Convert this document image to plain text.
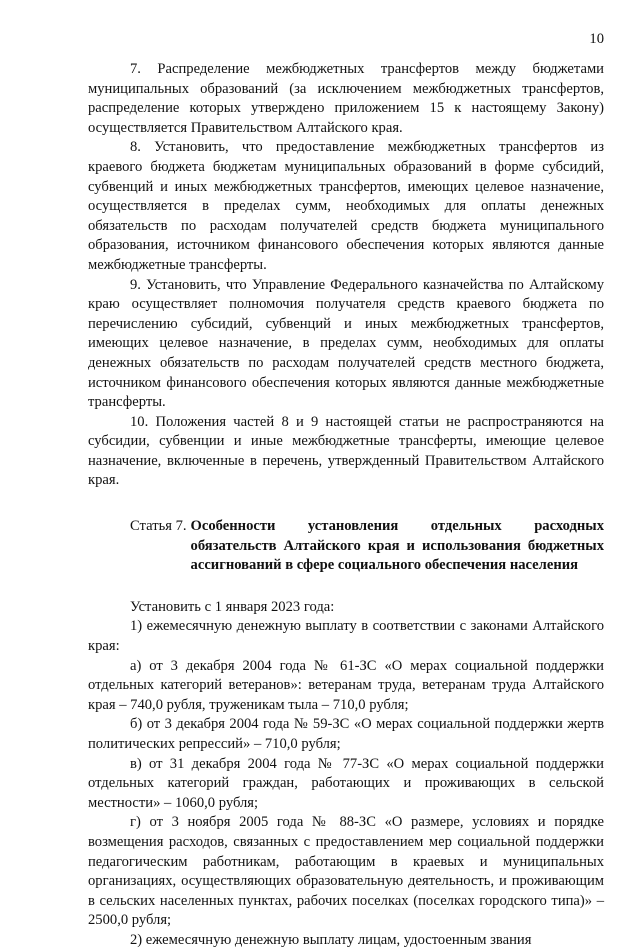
10

7. Распределение межбюджетных трансфертов между бюджетами муниципальных образований (за исключением межбюджетных трансфертов, распределение которых утверждено приложением 15 к настоящему Закону) осуществляется Правительством Алтайского края.

8. Установить, что предоставление межбюджетных трансфертов из краевого бюджета бюджетам муниципальных образований в форме субсидий, субвенций и иных межбюджетных трансфертов, имеющих целевое назначение, осуществляется в пределах сумм, необходимых для оплаты денежных обязательств по расходам получателей средств бюджета муниципального образования, источником финансового обеспечения которых являются данные межбюджетные трансферты.

9. Установить, что Управление Федерального казначейства по Алтайскому краю осуществляет полномочия получателя средств краевого бюджета по перечислению субсидий, субвенций и иных межбюджетных трансфертов, имеющих целевое назначение, в пределах сумм, необходимых для оплаты денежных обязательств по расходам получателей средств местного бюджета, источником финансового обеспечения которых являются данные межбюджетные трансферты.

10. Положения частей 8 и 9 настоящей статьи не распространяются на субсидии, субвенции и иные межбюджетные трансферты, имеющие целевое назначение, включенные в перечень, утвержденный Правительством Алтайского края.

Статья 7. Особенности установления отдельных расходных обязательств Алтайского края и использования бюджетных ассигнований в сфере социального обеспечения населения

Установить с 1 января 2023 года:

1) ежемесячную денежную выплату в соответствии с законами Алтайского края:

а) от 3 декабря 2004 года № 61-ЗС «О мерах социальной поддержки отдельных категорий ветеранов»: ветеранам труда, ветеранам труда Алтайского края – 740,0 рубля, труженикам тыла – 710,0 рубля;

б) от 3 декабря 2004 года № 59-ЗС «О мерах социальной поддержки жертв политических репрессий» – 710,0 рубля;

в) от 31 декабря 2004 года № 77-ЗС «О мерах социальной поддержки отдельных категорий граждан, работающих и проживающих в сельской местности» – 1060,0 рубля;

г) от 3 ноября 2005 года № 88-ЗС «О размере, условиях и порядке возмещения расходов, связанных с предоставлением мер социальной поддержки педагогическим работникам, работающим в краевых и муниципальных организациях, осуществляющих образовательную деятельность, и проживающим в сельских населенных пунктах, рабочих поселках (поселках городского типа)» – 2500,0 рубля;

2) ежемесячную денежную выплату лицам, удостоенным звания
